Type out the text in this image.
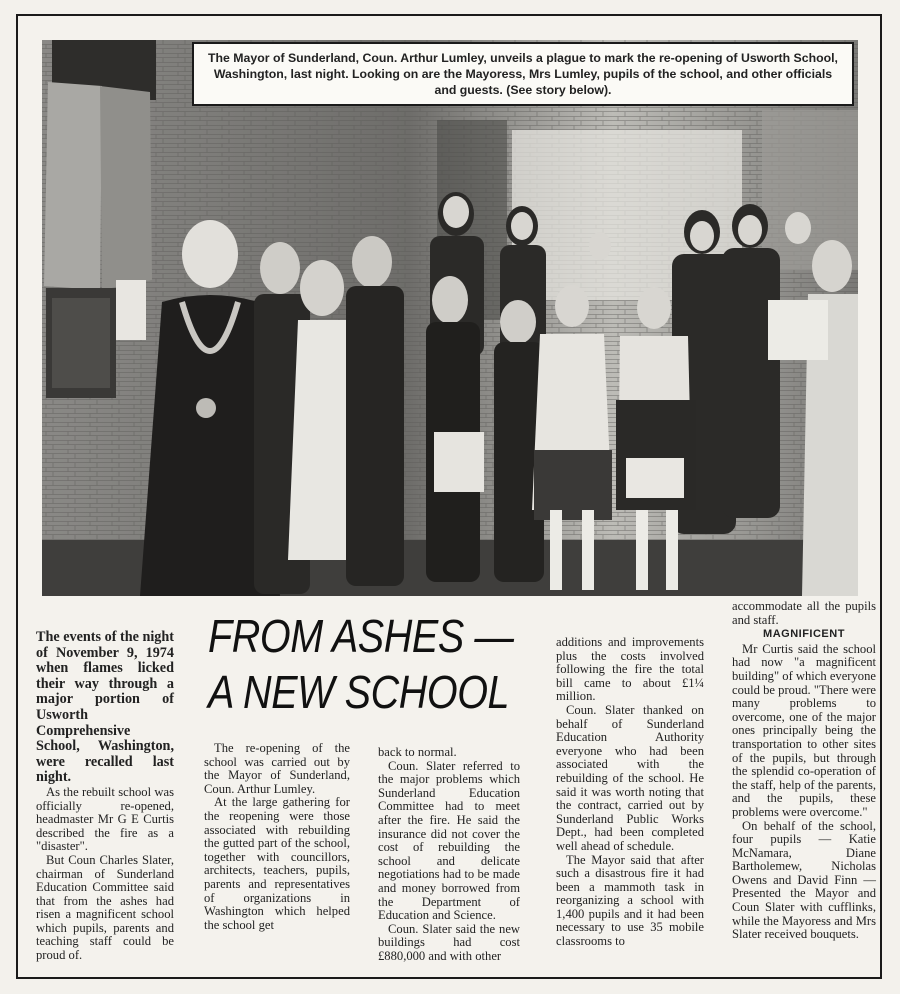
The Mayor of Sunderland, Coun. Arthur Lumley, unveils a plague to mark the re-opening of Usworth School, Washington, last night. Looking on are the Mayoress, Mrs Lumley, pupils of the school, and other officials and guests. (See story below).
FROM ASHES —
A NEW SCHOOL

The events of the night of November 9, 1974 when flames licked their way through a major portion of Usworth Comprehensive School, Washington, were recalled last night.

As the rebuilt school was officially re-opened, headmaster Mr G E Curtis described the fire as a "disaster".

But Coun Charles Slater, chairman of Sunderland Education Committee said that from the ashes had risen a magnificent school which pupils, parents and teaching staff could be proud of.

The re-opening of the school was carried out by the Mayor of Sunderland, Coun. Arthur Lumley.

At the large gathering for the reopening were those associated with rebuilding the gutted part of the school, together with councillors, architects, teachers, pupils, parents and representatives of organizations in Washington which helped the school get

back to normal.

Coun. Slater referred to the major problems which Sunderland Education Committee had to meet after the fire. He said the insurance did not cover the cost of rebuilding the school and delicate negotiations had to be made and money borrowed from the Department of Education and Science.

Coun. Slater said the new buildings had cost £880,000 and with other

additions and improvements plus the costs involved following the fire the total bill came to about £1¼ million.

Coun. Slater thanked on behalf of Sunderland Education Authority everyone who had been associated with the rebuilding of the school. He said it was worth noting that the contract, carried out by Sunderland Public Works Dept., had been completed well ahead of schedule.

The Mayor said that after such a disastrous fire it had been a mammoth task in reorganizing a school with 1,400 pupils and it had been necessary to use 35 mobile classrooms to

accommodate all the pupils and staff.

MAGNIFICENT

Mr Curtis said the school had now "a magnificent building" of which everyone could be proud. "There were many problems to overcome, one of the major ones principally being the transportation to other sites of the pupils, but through the splendid co-operation of the staff, help of the parents, and the pupils, these problems were overcome."

On behalf of the school, four pupils — Katie McNamara, Diane Bartholemew, Nicholas Owens and David Finn — Presented the Mayor and Coun Slater with cufflinks, while the Mayoress and Mrs Slater received bouquets.
